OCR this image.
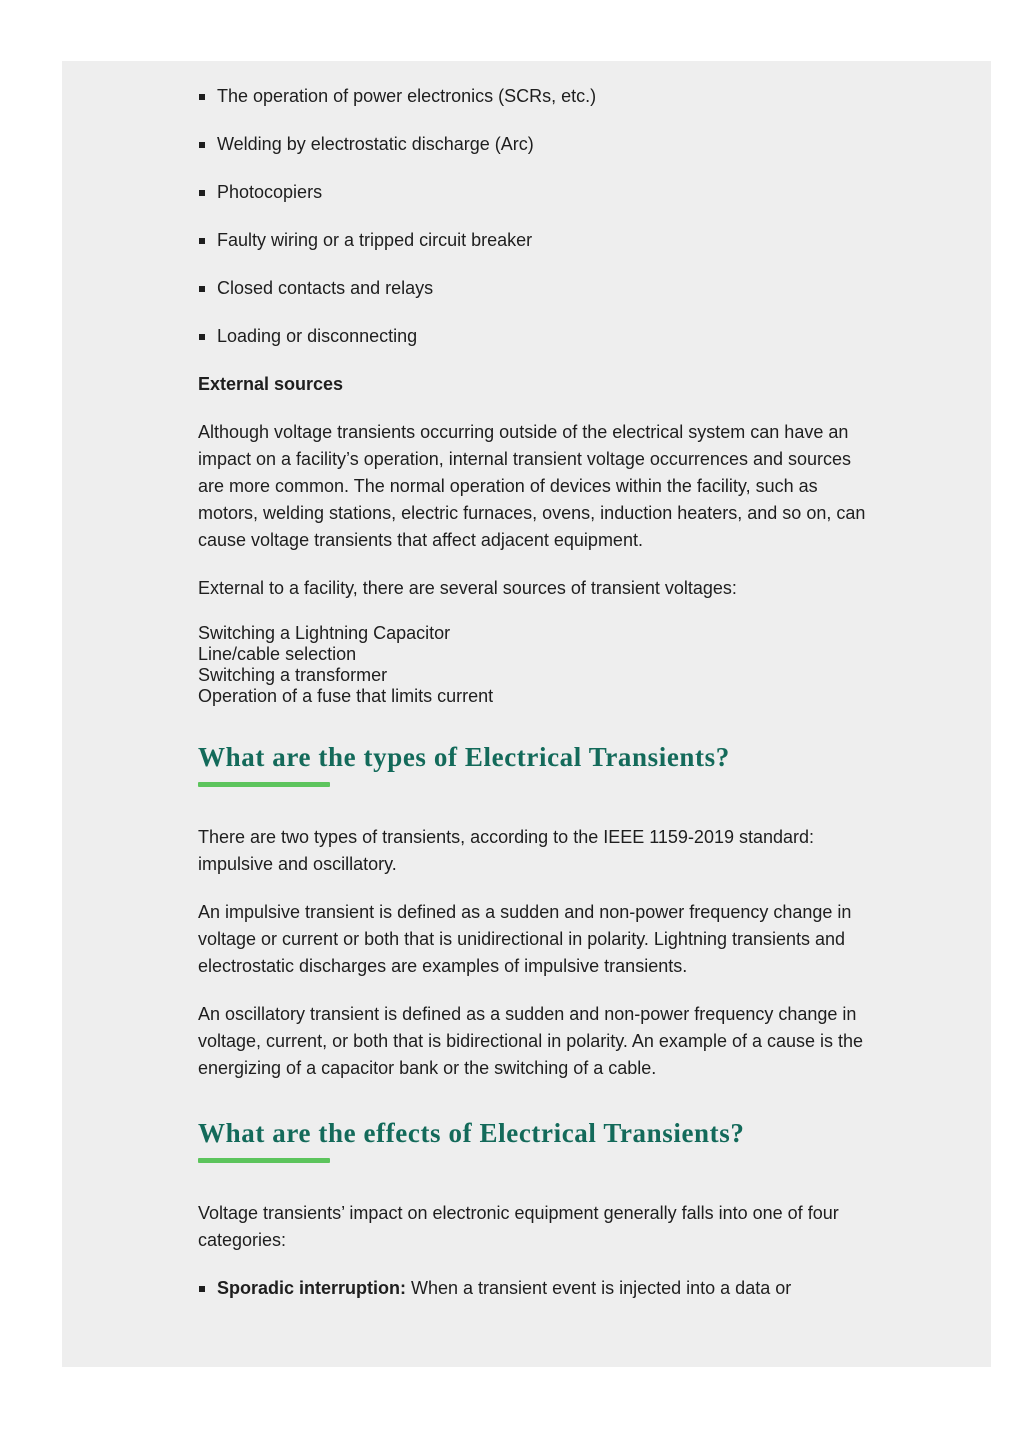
The operation of power electronics (SCRs, etc.)
Welding by electrostatic discharge (Arc)
Photocopiers
Faulty wiring or a tripped circuit breaker
Closed contacts and relays
Loading or disconnecting
External sources

Although voltage transients occurring outside of the electrical system can have an impact on a facility’s operation, internal transient voltage occurrences and sources are more common. The normal operation of devices within the facility, such as motors, welding stations, electric furnaces, ovens, induction heaters, and so on, can cause voltage transients that affect adjacent equipment.

External to a facility, there are several sources of transient voltages:

Switching a Lightning Capacitor
Line/cable selection
Switching a transformer
Operation of a fuse that limits current
What are the types of Electrical Transients?

There are two types of transients, according to the IEEE 1159-2019 standard: impulsive and oscillatory.

An impulsive transient is defined as a sudden and non-power frequency change in voltage or current or both that is unidirectional in polarity. Lightning transients and electrostatic discharges are examples of impulsive transients.

An oscillatory transient is defined as a sudden and non-power frequency change in voltage, current, or both that is bidirectional in polarity. An example of a cause is the energizing of a capacitor bank or the switching of a cable.

What are the effects of Electrical Transients?

Voltage transients’ impact on electronic equipment generally falls into one of four categories:

Sporadic interruption: When a transient event is injected into a data or
